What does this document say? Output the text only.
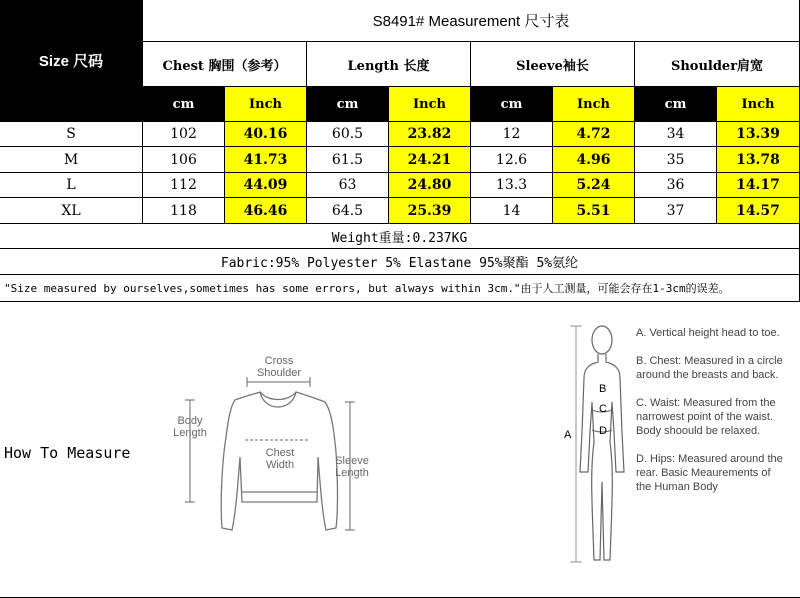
Size 尺码
S8491# Measurement 尺寸表
Chest 胸围（参考）	Length 长度	Sleeve袖长	Shoulder肩宽
cm	Inch	cm	Inch	cm	Inch	cm	Inch
S	102	40.16	60.5	23.82	12	4.72	34	13.39
M	106	41.73	61.5	24.21	12.6	4.96	35	13.78
L	112	44.09	63	24.80	13.3	5.24	36	14.17
XL	118	46.46	64.5	25.39	14	5.51	37	14.57
Weight重量:0.237KG
Fabric:95% Polyester 5% Elastane 95%聚酯 5%氨纶
"Size measured by ourselves,sometimes has some errors, but always within 3cm."由于人工测量，可能会存在1-3cm的误差。
How To Measure
Cross Shoulder
Body Length
Chest Width	Sleeve Length
A
B
C
D
A. Vertical height head to toe.
B. Chest: Measured in a circle around the breasts and back.
C. Waist: Measured from the narrowest point of the waist. Body shoould be relaxed.
D. Hips: Measured around the rear. Basic Meaurements of the Human Body
